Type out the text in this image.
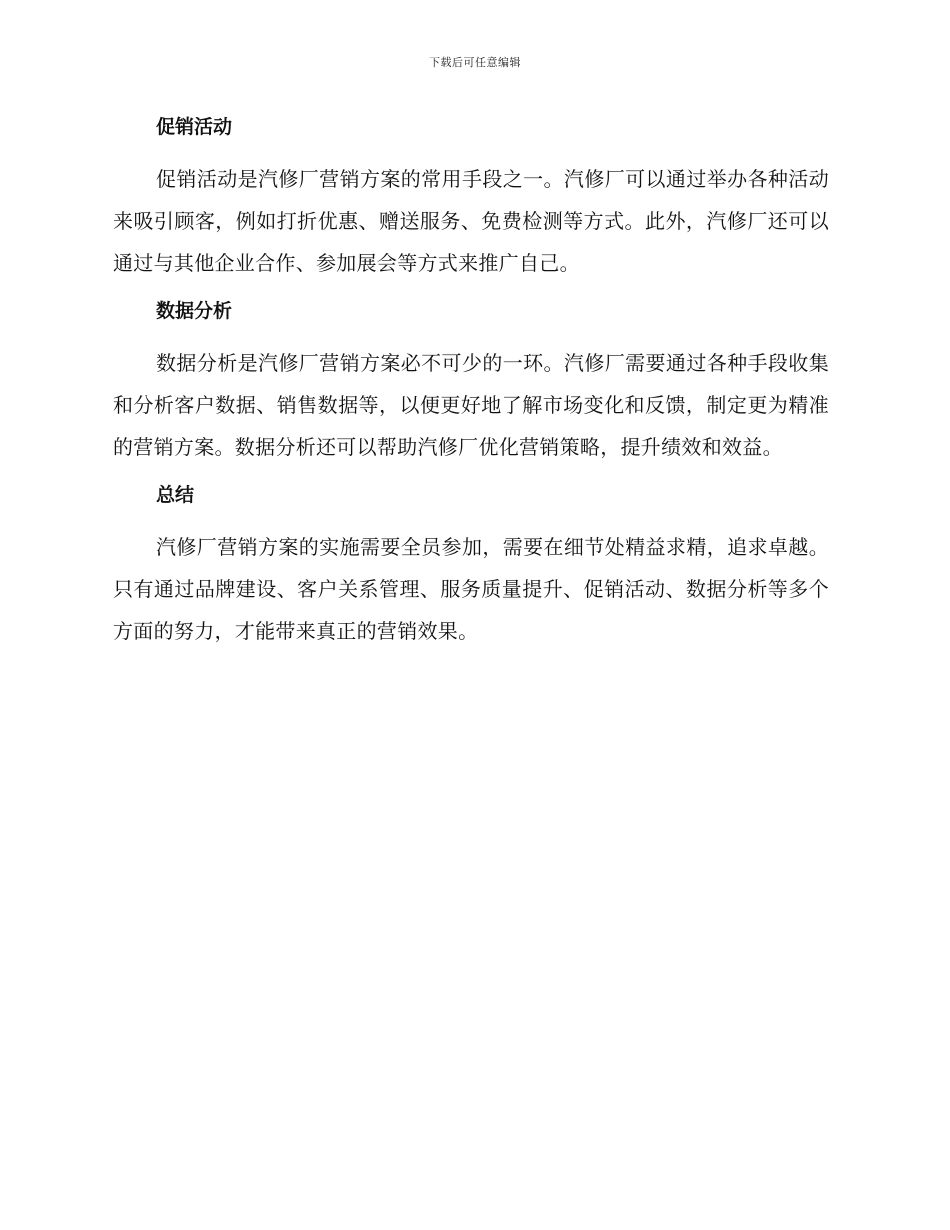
下载后可任意编辑
促销活动

促销活动是汽修厂营销方案的常用手段之一。汽修厂可以通过举办各种活动来吸引顾客，例如打折优惠、赠送服务、免费检测等方式。此外，汽修厂还可以通过与其他企业合作、参加展会等方式来推广自己。

数据分析

数据分析是汽修厂营销方案必不可少的一环。汽修厂需要通过各种手段收集和分析客户数据、销售数据等，以便更好地了解市场变化和反馈，制定更为精准的营销方案。数据分析还可以帮助汽修厂优化营销策略，提升绩效和效益。

总结

汽修厂营销方案的实施需要全员参加，需要在细节处精益求精，追求卓越。只有通过品牌建设、客户关系管理、服务质量提升、促销活动、数据分析等多个方面的努力，才能带来真正的营销效果。
